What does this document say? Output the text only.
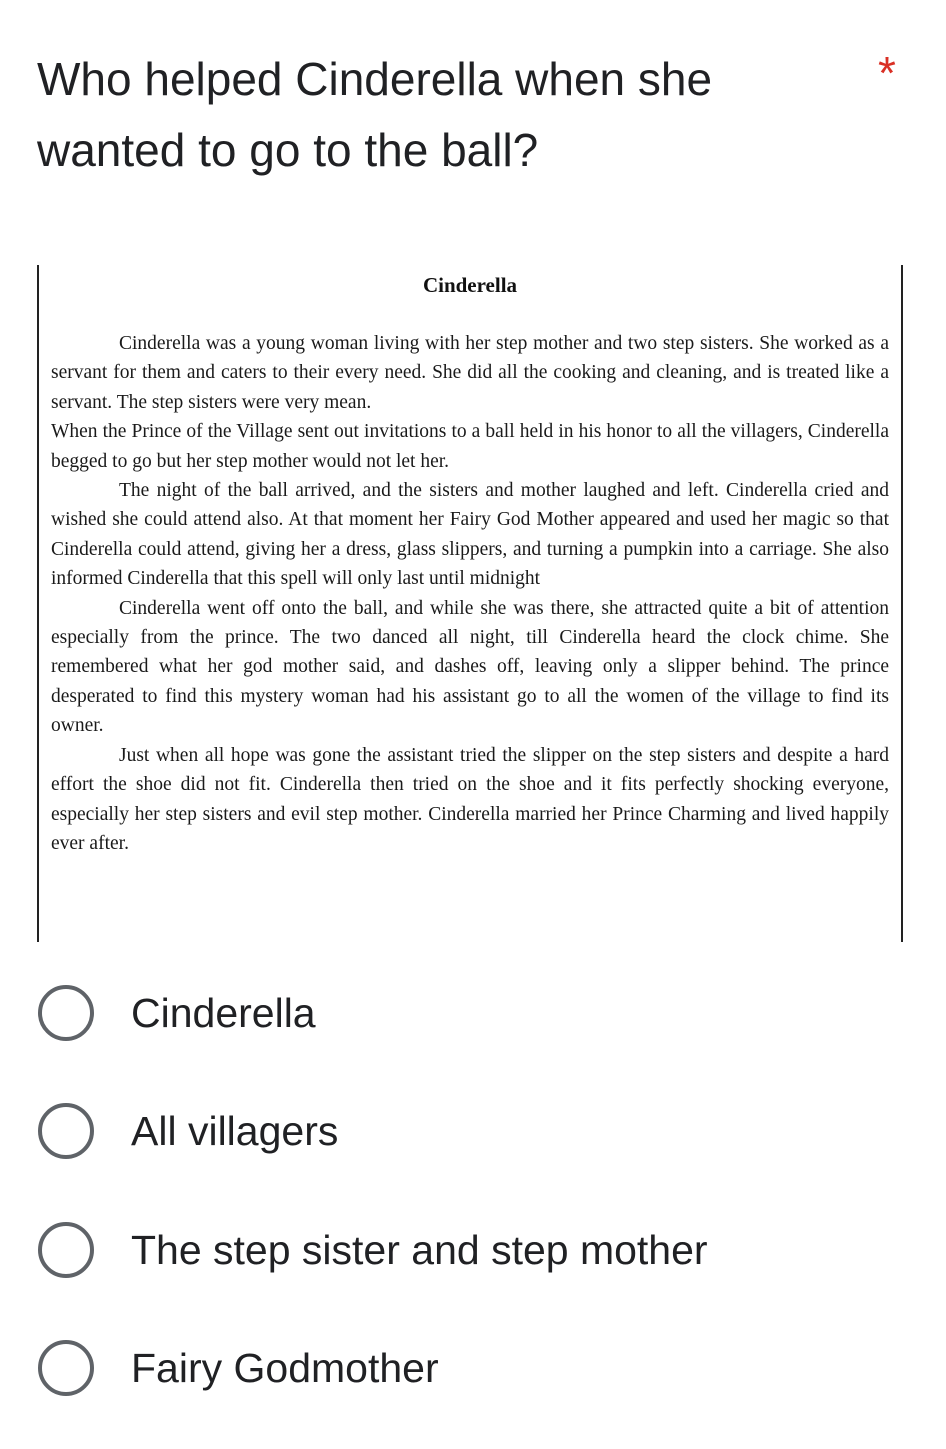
Who helped Cinderella when she
wanted to go to the ball?
*
Cinderella

Cinderella was a young woman living with her step mother and two step sisters. She worked as a servant for them and caters to their every need. She did all the cooking and cleaning, and is treated like a servant. The step sisters were very mean.

When the Prince of the Village sent out invitations to a ball held in his honor to all the villagers, Cinderella begged to go but her step mother would not let her.

The night of the ball arrived, and the sisters and mother laughed and left. Cinderella cried and wished she could attend also. At that moment her Fairy God Mother appeared and used her magic so that Cinderella could attend, giving her a dress, glass slippers, and turning a pumpkin into a carriage. She also informed Cinderella that this spell will only last until midnight

Cinderella went off onto the ball, and while she was there, she attracted quite a bit of attention especially from the prince. The two danced all night, till Cinderella heard the clock chime. She remembered what her god mother said, and dashes off, leaving only a slipper behind. The prince desperated to find this mystery woman had his assistant go to all the women of the village to find its owner.

Just when all hope was gone the assistant tried the slipper on the step sisters and despite a hard effort the shoe did not fit. Cinderella then tried on the shoe and it fits perfectly shocking everyone, especially her step sisters and evil step mother. Cinderella married her Prince Charming and lived happily ever after.

Cinderella
All villagers
The step sister and step mother
Fairy Godmother
